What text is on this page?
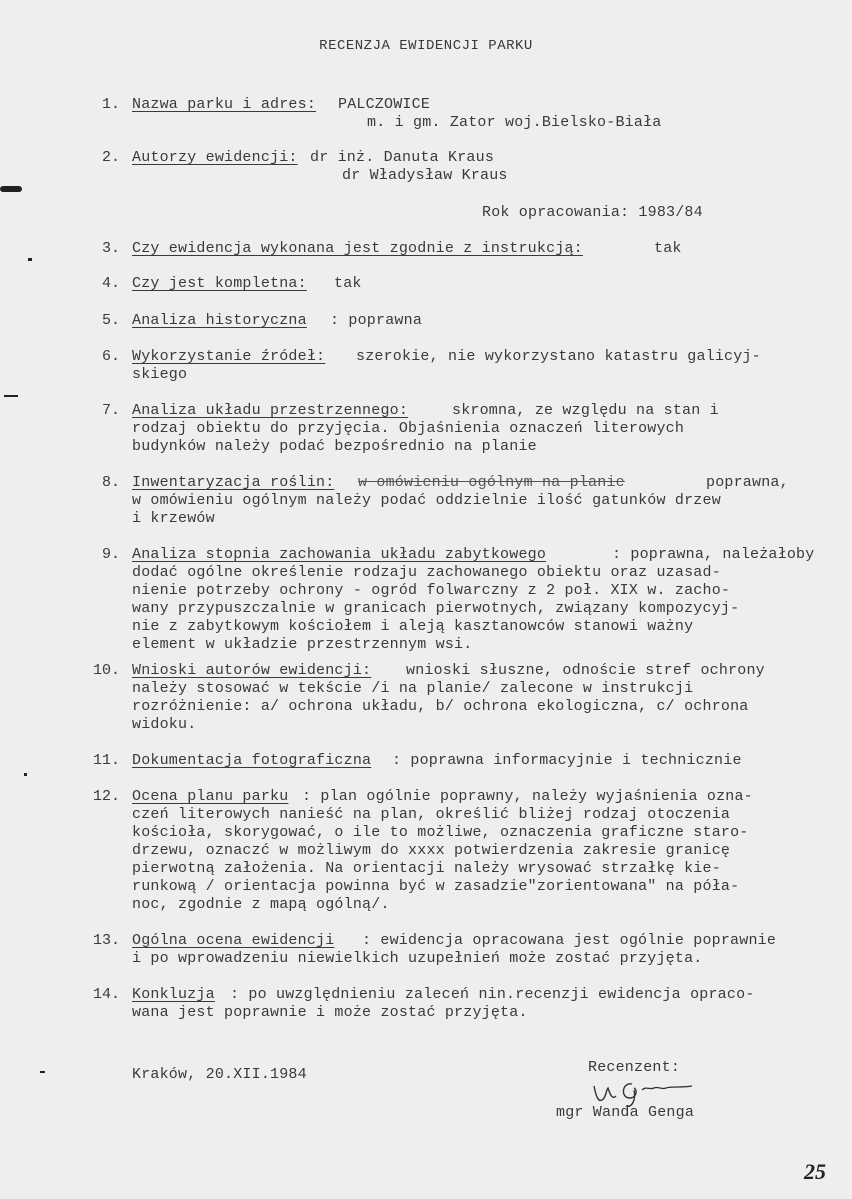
RECENZJA EWIDENCJI PARKU
1. Nazwa parku i adres: PALCZOWICE
m. i gm. Zator woj.Bielsko-Biała
2. Autorzy ewidencji: dr inż. Danuta Kraus
dr Władysław Kraus
Rok opracowania: 1983/84
3. Czy ewidencja wykonana jest zgodnie z instrukcją:	tak
4. Czy jest kompletna: tak
5. Analiza historyczna : poprawna
6. Wykorzystanie źródeł: szerokie, nie wykorzystano katastru galicyj-
skiego
7. Analiza układu przestrzennego:	skromna, ze względu na stan i
rodzaj obiektu do przyjęcia. Objaśnienia oznaczeń literowych
budynków należy podać bezpośrednio na planie
8. Inwentaryzacja roślin: w omówieniu ogólnym na planie	poprawna,
w omówieniu ogólnym należy podać oddzielnie ilość gatunków drzew
i krzewów
9. Analiza stopnia zachowania układu zabytkowego	: poprawna, należałoby
dodać ogólne określenie rodzaju zachowanego obiektu oraz uzasad-
nienie potrzeby ochrony - ogród folwarczny z 2 poł. XIX w. zacho-
wany przypuszczalnie w granicach pierwotnych, związany kompozycyj-
nie z zabytkowym kościołem i aleją kasztanowców stanowi ważny
element w układzie przestrzennym wsi.
10. Wnioski autorów ewidencji: wnioski słuszne, odnoście stref ochrony
należy stosować w tekście /i na planie/ zalecone w instrukcji
rozróżnienie: a/ ochrona układu, b/ ochrona ekologiczna, c/ ochrona
widoku.
11. Dokumentacja fotograficzna : poprawna informacyjnie i technicznie
12. Ocena planu parku : plan ogólnie poprawny, należy wyjaśnienia ozna-
czeń literowych nanieść na plan, określić bliżej rodzaj otoczenia
kościoła, skorygować, o ile to możliwe, oznaczenia graficzne staro-
drzewu, oznaczć w możliwym do xxxx potwierdzenia zakresie granicę
pierwotną założenia. Na orientacji należy wrysować strzałkę kie-
runkową / orientacja powinna być w zasadzie"zorientowana" na póła-
noc, zgodnie z mapą ogólną/.
13. Ogólna ocena ewidencji : ewidencja opracowana jest ogólnie poprawnie
i po wprowadzeniu niewielkich uzupełnień może zostać przyjęta.
14. Konkluzja : po uwzględnieniu zaleceń nin.recenzji ewidencja opraco-
wana jest poprawnie i może zostać przyjęta.
Kraków, 20.XII.1984	Recenzent:
mgr Wanda Genga
25
